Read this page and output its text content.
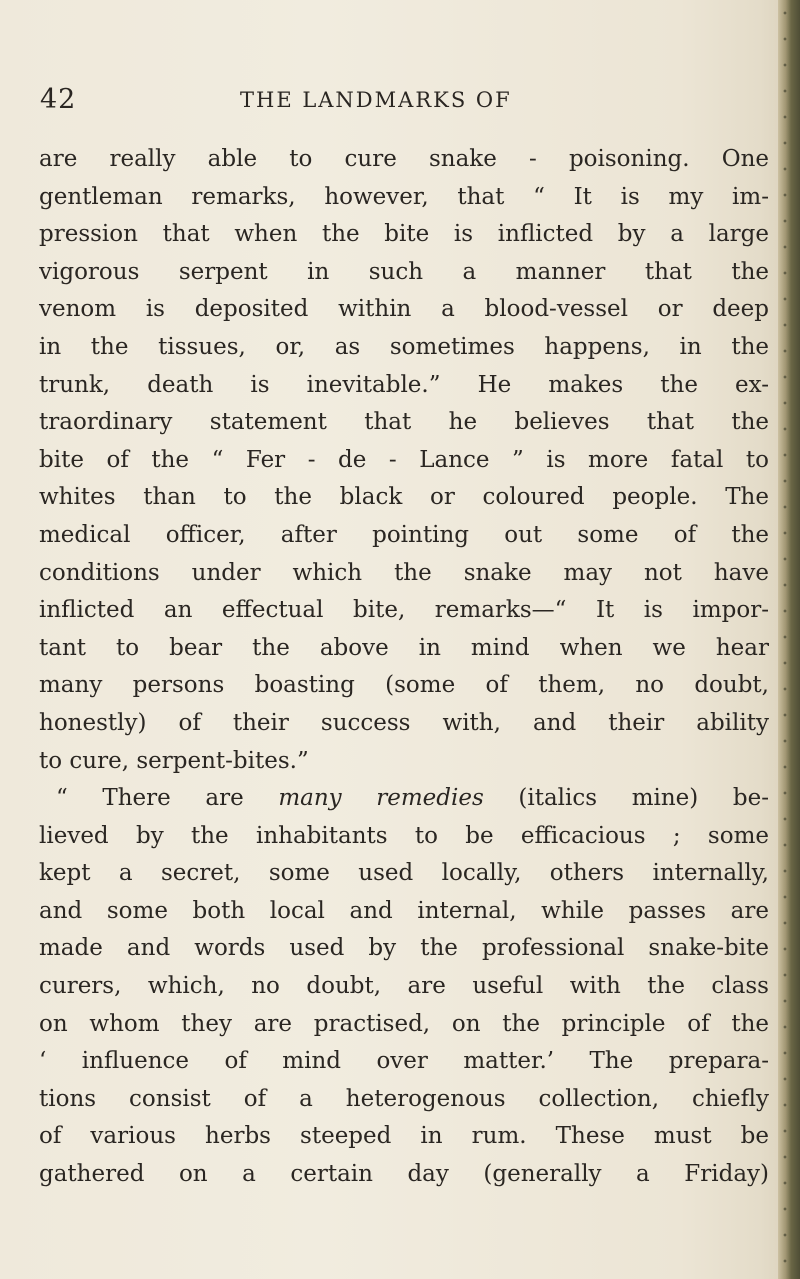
42	THE LANDMARKS OF
are really able to cure snake - poisoning. One
gentleman remarks, however, that “ It is my im-
pression that when the bite is inflicted by a large
vigorous serpent in such a manner that the
venom is deposited within a blood-vessel or deep
in the tissues, or, as sometimes happens, in the
trunk, death is inevitable.” He makes the ex-
traordinary statement that he believes that the
bite of the “ Fer - de - Lance ” is more fatal to
whites than to the black or coloured people. The
medical officer, after pointing out some of the
conditions under which the snake may not have
inflicted an effectual bite, remarks—“ It is impor-
tant to bear the above in mind when we hear
many persons boasting (some of them, no doubt,
honestly) of their success with, and their ability
to cure, serpent-bites.”
“ There are many remedies (italics mine) be-
lieved by the inhabitants to be efficacious ; some
kept a secret, some used locally, others internally,
and some both local and internal, while passes are
made and words used by the professional snake-bite
curers, which, no doubt, are useful with the class
on whom they are practised, on the principle of the
‘ influence of mind over matter.’ The prepara-
tions consist of a heterogenous collection, chiefly
of various herbs steeped in rum. These must be
gathered on a certain day (generally a Friday)
